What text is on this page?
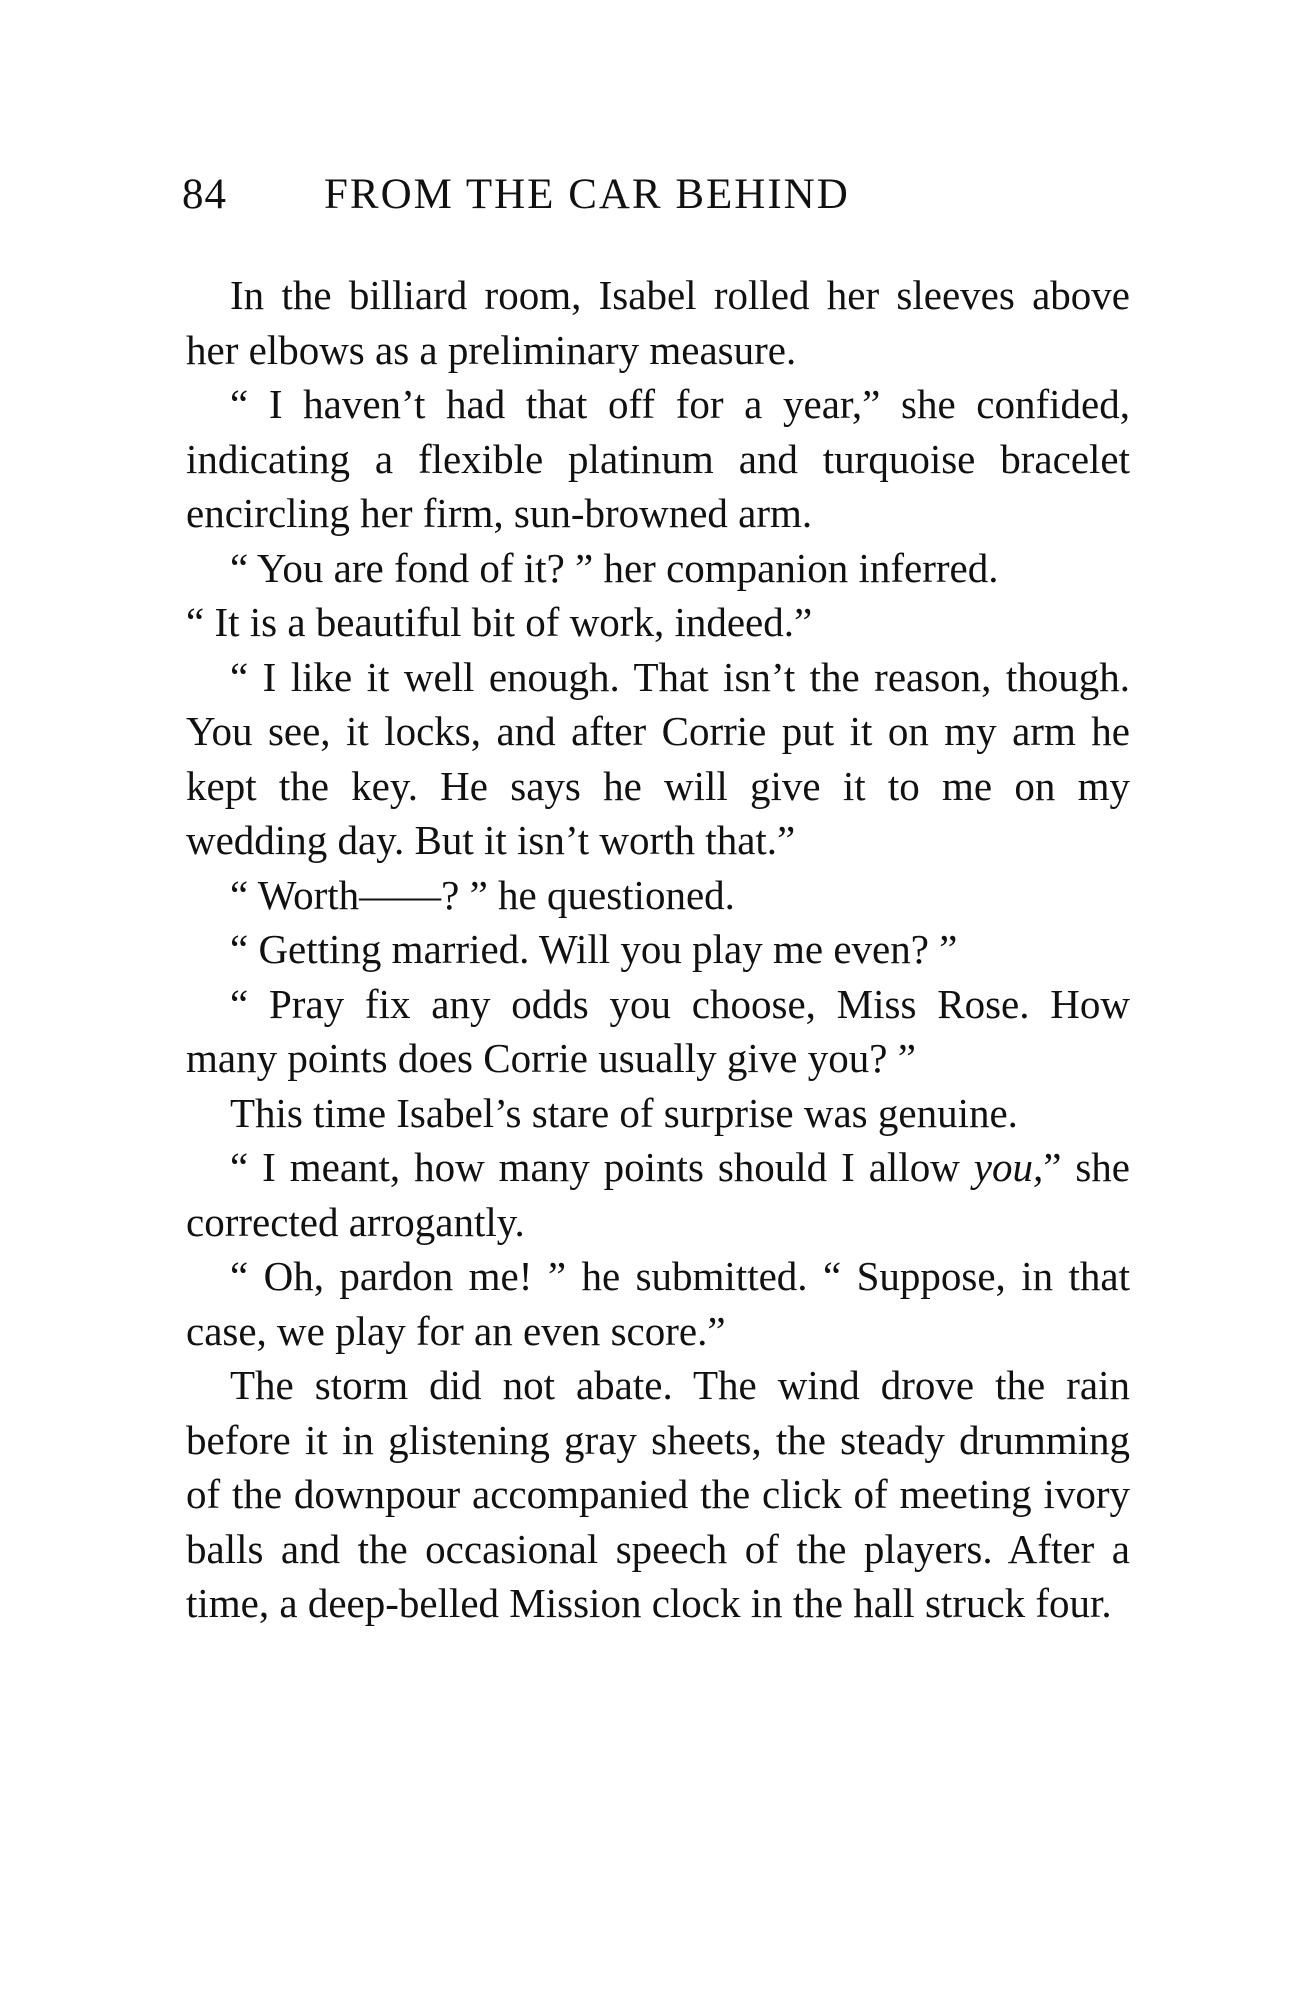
84 FROM THE CAR BEHIND

In the billiard room, Isabel rolled her sleeves above her elbows as a preliminary measure.

“ I haven’t had that off for a year,” she confided, indicating a flexible platinum and turquoise bracelet encircling her firm, sun-browned arm.

“ You are fond of it? ” her companion inferred.

“ It is a beautiful bit of work, indeed.”

“ I like it well enough. That isn’t the reason, though. You see, it locks, and after Corrie put it on my arm he kept the key. He says he will give it to me on my wedding day. But it isn’t worth that.”

“ Worth——? ” he questioned.

“ Getting married. Will you play me even? ”

“ Pray fix any odds you choose, Miss Rose. How many points does Corrie usually give you? ”

This time Isabel’s stare of surprise was genuine.

“ I meant, how many points should I allow you,” she corrected arrogantly.

“ Oh, pardon me! ” he submitted. “ Suppose, in that case, we play for an even score.”

The storm did not abate. The wind drove the rain before it in glistening gray sheets, the steady drumming of the downpour accompanied the click of meeting ivory balls and the occasional speech of the players. After a time, a deep-belled Mission clock in the hall struck four.
